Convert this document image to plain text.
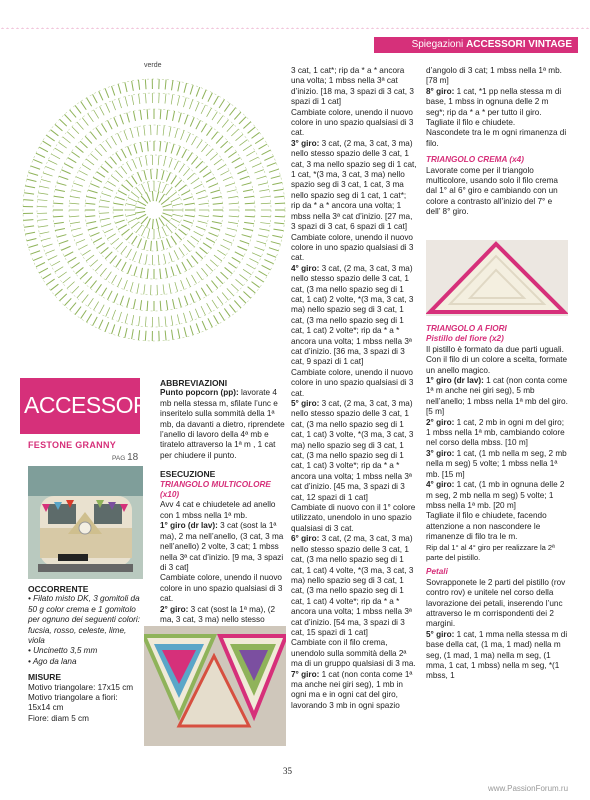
Spiegazioni ACCESSORI VINTAGE
verde
ACCESSORI
FESTONE GRANNY
PAG 18

OCCORRENTE

• Filato misto DK, 3 gomitoli da 50 g color crema e 1 gomitolo per ognuno dei seguenti colori: fucsia, rosso, celeste, lime, viola

• Uncinetto 3,5 mm

• Ago da lana

MISURE

Motivo triangolare: 17x15 cm

Motivo triangolare a fiori: 15x14 cm

Fiore: diam 5 cm

ABBREVIAZIONI

Punto popcorn (pp): lavorate 4 mb nella stessa m, sfilate l’unc e inseritelo sulla sommità della 1ª mb, da davanti a dietro, riprendete l’anello di lavoro della 4ª mb e tiratelo attraverso la 1ª m , 1 cat per chiudere il punto.

ESECUZIONE

TRIANGOLO MULTICOLORE (x10)

Avv 4 cat e chiudetele ad anello con 1 mbss nella 1ª mb.

1° giro (dr lav): 3 cat (sost la 1ª ma), 2 ma nell’anello, (3 cat, 3 ma nell’anello) 2 volte, 3 cat; 1 mbss nella 3ª cat d’inizio. [9 ma, 3 spazi di 3 cat]

Cambiate colore, unendo il nuovo colore in uno spazio qualsiasi di 3 cat.

2° giro: 3 cat (sost la 1ª ma), (2 ma, 3 cat, 3 ma) nello stesso

3 cat, 1 cat*; rip da * a * ancora una volta; 1 mbss nella 3ª cat d’inizio. [18 ma, 3 spazi di 3 cat, 3 spazi di 1 cat]

Cambiate colore, unendo il nuovo colore in uno spazio qualsiasi di 3 cat.

3° giro: 3 cat, (2 ma, 3 cat, 3 ma) nello stesso spazio delle 3 cat, 1 cat, 3 ma nello spazio seg di 1 cat, 1 cat, *(3 ma, 3 cat, 3 ma) nello spazio seg di 3 cat, 1 cat, 3 ma nello spazio seg di 1 cat, 1 cat*; rip da * a * ancora una volta; 1 mbss nella 3ª cat d’inizio. [27 ma, 3 spazi di 3 cat, 6 spazi di 1 cat]

Cambiate colore, unendo il nuovo colore in uno spazio qualsiasi di 3 cat.

4° giro: 3 cat, (2 ma, 3 cat, 3 ma) nello stesso spazio delle 3 cat, 1 cat, (3 ma nello spazio seg di 1 cat, 1 cat) 2 volte, *(3 ma, 3 cat, 3 ma) nello spazio seg di 3 cat, 1 cat, (3 ma nello spazio seg di 1 cat, 1 cat) 2 volte*; rip da * a * ancora una volta; 1 mbss nella 3ª cat d’inizio. [36 ma, 3 spazi di 3 cat, 9 spazi di 1 cat]

Cambiate colore, unendo il nuovo colore in uno spazio qualsiasi di 3 cat.

5° giro: 3 cat, (2 ma, 3 cat, 3 ma) nello stesso spazio delle 3 cat, 1 cat, (3 ma nello spazio seg di 1 cat, 1 cat) 3 volte, *(3 ma, 3 cat, 3 ma) nello spazio seg di 3 cat, 1 cat, (3 ma nello spazio seg di 1 cat, 1 cat) 3 volte*; rip da * a * ancora una volta; 1 mbss nella 3ª cat d’inizio. [45 ma, 3 spazi di 3 cat, 12 spazi di 1 cat]

Cambiate di nuovo con il 1° colore utilizzato, unendolo in uno spazio qualsiasi di 3 cat.

6° giro: 3 cat, (2 ma, 3 cat, 3 ma) nello stesso spazio delle 3 cat, 1 cat, (3 ma nello spazio seg di 1 cat, 1 cat) 4 volte, *(3 ma, 3 cat, 3 ma) nello spazio seg di 3 cat, 1 cat, (3 ma nello spazio seg di 1 cat, 1 cat) 4 volte*; rip da * a * ancora una volta; 1 mbss nella 3ª cat d’inizio. [54 ma, 3 spazi di 3 cat, 15 spazi di 1 cat]

Cambiate con il filo crema, unendolo sulla sommità della 2ª ma di un gruppo qualsiasi di 3 ma.

7° giro: 1 cat (non conta come 1ª ma anche nei giri seg), 1 mb in ogni ma e in ogni cat del giro, lavorando 3 mb in ogni spazio

d’angolo di 3 cat; 1 mbss nella 1ª mb. [78 m]

8° giro: 1 cat, *1 pp nella stessa m di base, 1 mbss in ognuna delle 2 m seg*; rip da * a * per tutto il giro. Tagliate il filo e chiudete.

Nascondete tra le m ogni rimanenza di filo.

TRIANGOLO CREMA (x4)

Lavorate come per il triangolo multicolore, usando solo il filo crema dal 1° al 6° giro e cambiando con un colore a contrasto all’inizio del 7° e dell’ 8° giro.

TRIANGOLO A FIORI

Pistillo del fiore (x2)

Il pistillo è formato da due parti uguali.

Con il filo di un colore a scelta, formate un anello magico.

1° giro (dr lav): 1 cat (non conta come 1ª m anche nei giri seg), 5 mb nell’anello; 1 mbss nella 1ª mb del giro. [5 m]

2° giro: 1 cat, 2 mb in ogni m del giro; 1 mbss nella 1ª mb, cambiando colore nel corso della mbss. [10 m]

3° giro: 1 cat, (1 mb nella m seg, 2 mb nella m seg) 5 volte; 1 mbss nella 1ª mb. [15 m]

4° giro: 1 cat, (1 mb in ognuna delle 2 m seg, 2 mb nella m seg) 5 volte; 1 mbss nella 1ª mb. [20 m]

Tagliate il filo e chiudete, facendo attenzione a non nascondere le rimanenze di filo tra le m.

Rip dal 1° al 4° giro per realizzare la 2ª parte del pistillo.

Petali

Sovrapponete le 2 parti del pistillo (rov contro rov) e unitele nel corso della lavorazione dei petali, inserendo l’unc attraverso le m corrispondenti dei 2 margini.

5° giro: 1 cat, 1 mma nella stessa m di base della cat, (1 ma, 1 mad) nella m seg, (1 mad, 1 ma) nella m seg, (1 mma, 1 cat, 1 mbss) nella m seg, *(1 mbss, 1

35
www.PassionForum.ru
